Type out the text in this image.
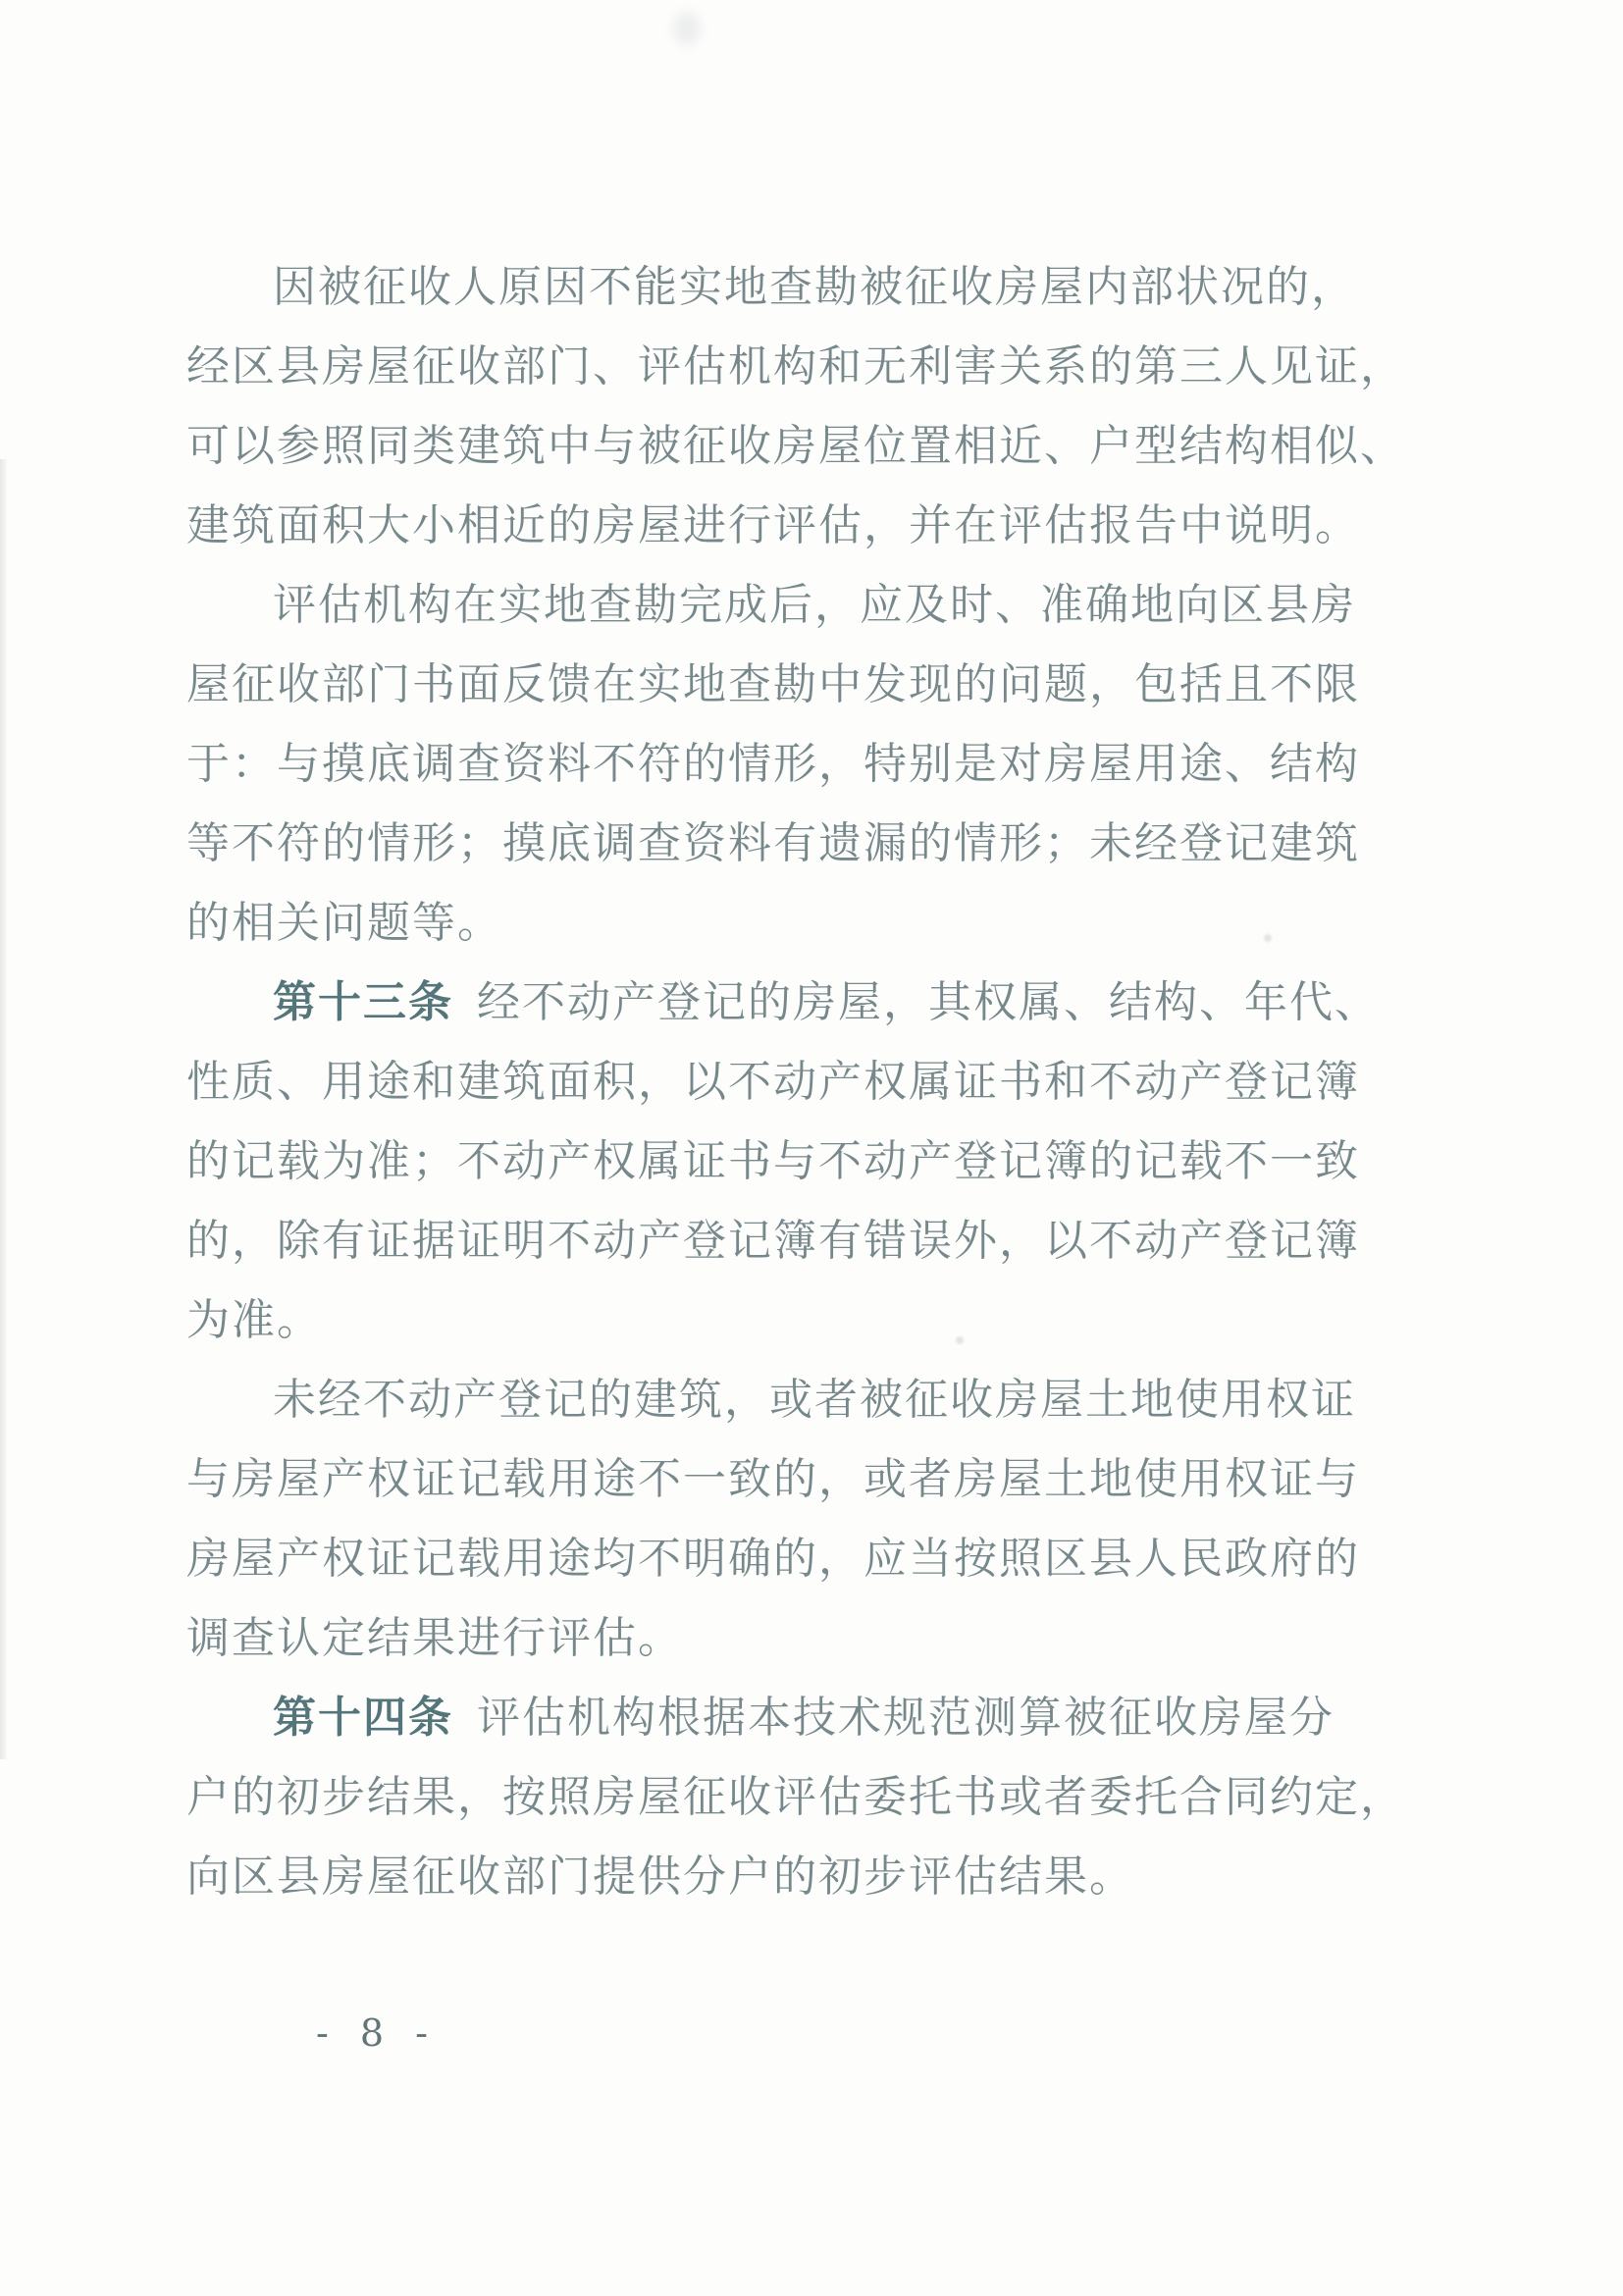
因被征收人原因不能实地查勘被征收房屋内部状况的，
经区县房屋征收部门、评估机构和无利害关系的第三人见证，
可以参照同类建筑中与被征收房屋位置相近、户型结构相似、
建筑面积大小相近的房屋进行评估，并在评估报告中说明。
评估机构在实地查勘完成后，应及时、准确地向区县房
屋征收部门书面反馈在实地查勘中发现的问题，包括且不限
于：与摸底调查资料不符的情形，特别是对房屋用途、结构
等不符的情形；摸底调查资料有遗漏的情形；未经登记建筑
的相关问题等。
第十三条 经不动产登记的房屋，其权属、结构、年代、
性质、用途和建筑面积，以不动产权属证书和不动产登记簿
的记载为准；不动产权属证书与不动产登记簿的记载不一致
的，除有证据证明不动产登记簿有错误外，以不动产登记簿
为准。
未经不动产登记的建筑，或者被征收房屋土地使用权证
与房屋产权证记载用途不一致的，或者房屋土地使用权证与
房屋产权证记载用途均不明确的，应当按照区县人民政府的
调查认定结果进行评估。
第十四条 评估机构根据本技术规范测算被征收房屋分
户的初步结果，按照房屋征收评估委托书或者委托合同约定，
向区县房屋征收部门提供分户的初步评估结果。
- 8 -
